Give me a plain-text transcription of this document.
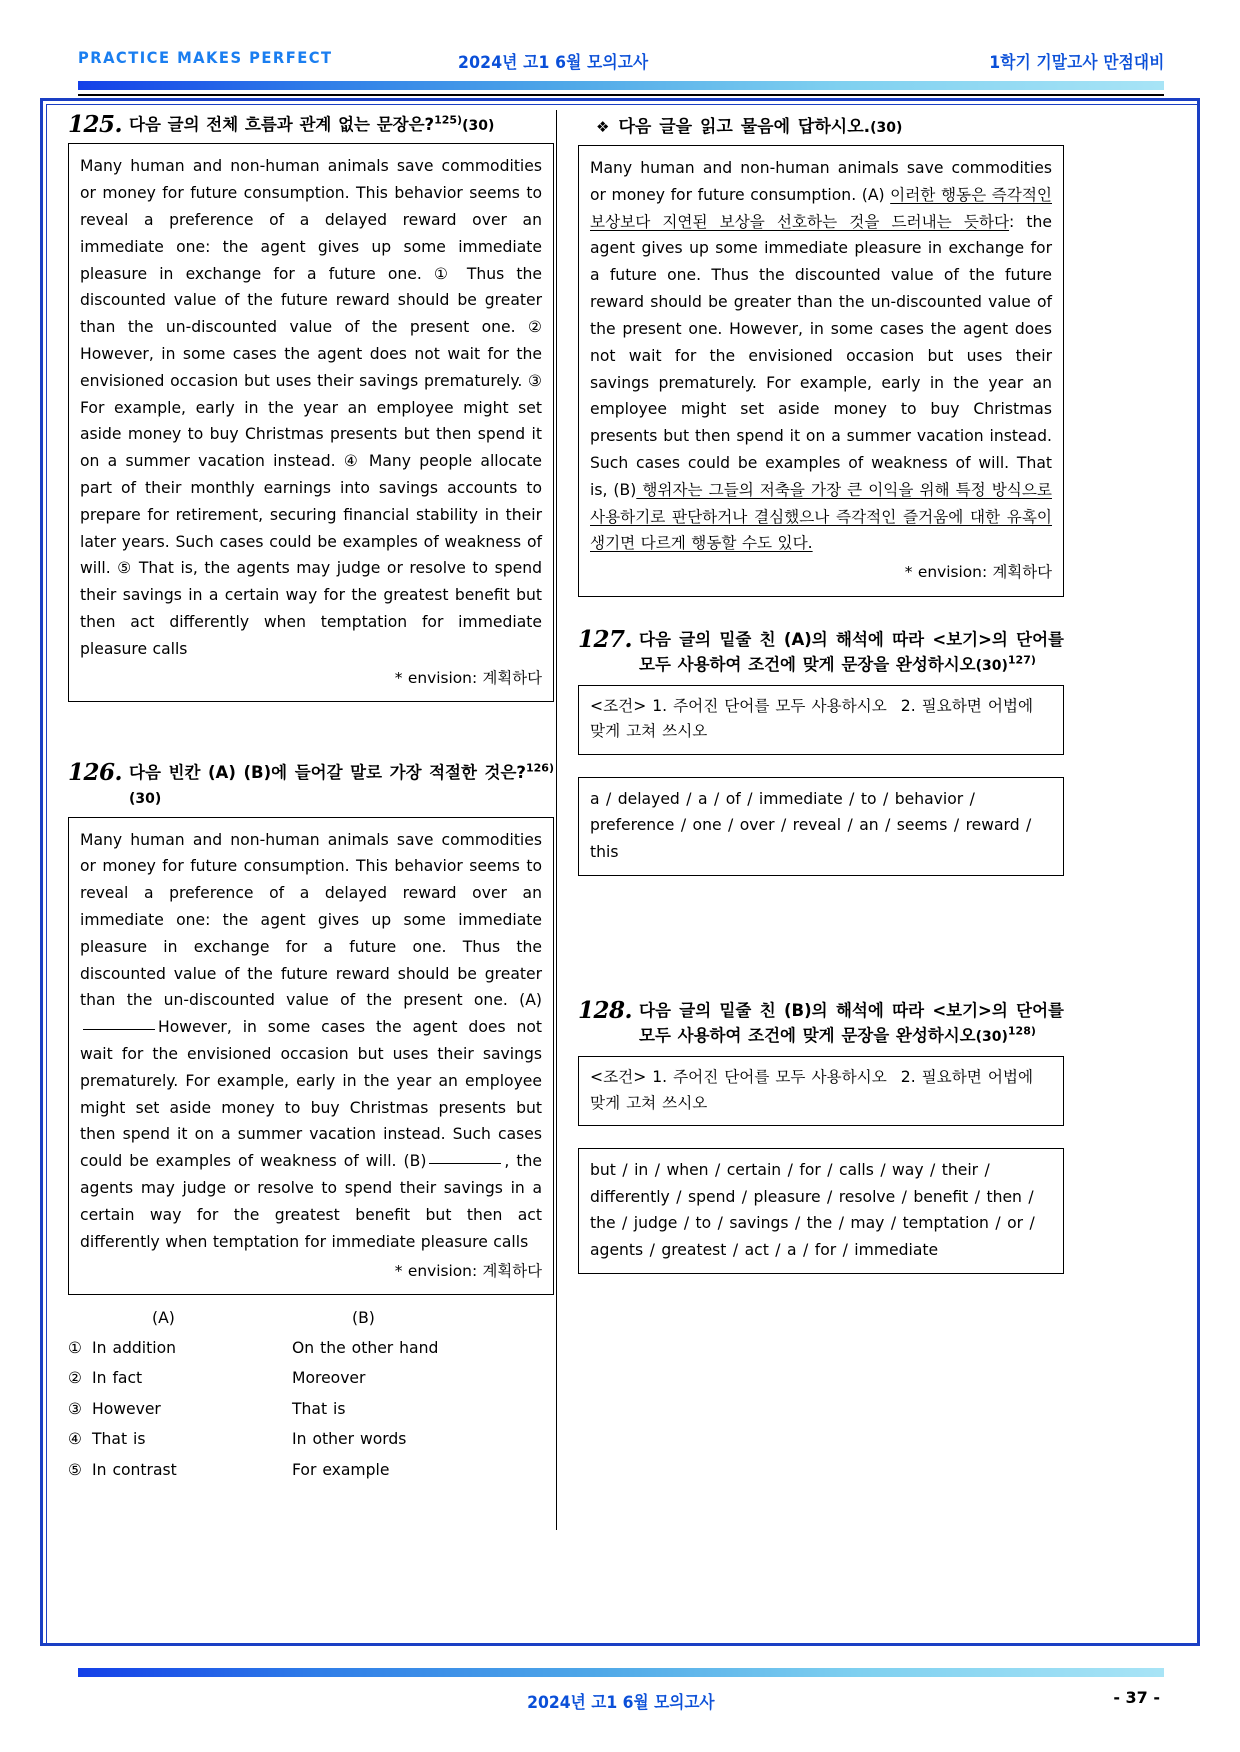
PRACTICE MAKES PERFECT	2024년 고1 6월 모의고사	1학기 기말고사 만점대비
125. 다음 글의 전체 흐름과 관계 없는 문장은?$^{125)}$(30)

Many human and non-human animals save commodities or money for future consumption. This behavior seems to reveal a preference of a delayed reward over an immediate one: the agent gives up some immediate pleasure in exchange for a future one. ① Thus the discounted value of the future reward should be greater than the un-discounted value of the present one. ② However, in some cases the agent does not wait for the envisioned occasion but uses their savings prematurely. ③ For example, early in the year an employee might set aside money to buy Christmas presents but then spend it on a summer vacation instead. ④ Many people allocate part of their monthly earnings into savings accounts to prepare for retirement, securing financial stability in their later years. Such cases could be examples of weakness of will. ⑤ That is, the agents may judge or resolve to spend their savings in a certain way for the greatest benefit but then act differently when temptation for immediate pleasure calls

* envision: 계획하다
126. 다음 빈칸 (A) (B)에 들어갈 말로 가장 적절한 것은?$^{126)}$ (30)

Many human and non-human animals save commodities or money for future consumption. This behavior seems to reveal a preference of a delayed reward over an immediate one: the agent gives up some immediate pleasure in exchange for a future one. Thus the discounted value of the future reward should be greater than the un-discounted value of the present one. (A)However, in some cases the agent does not wait for the envisioned occasion but uses their savings prematurely. For example, early in the year an employee might set aside money to buy Christmas presents but then spend it on a summer vacation instead. Such cases could be examples of weakness of will. (B)	, the agents may judge or resolve to spend their savings in a certain way for the greatest benefit but then act differently when temptation for immediate pleasure calls

* envision: 계획하다
(A)	(B)
① In addition	On the other hand
② In fact	Moreover
③ However	That is
④ That is	In other words
⑤ In contrast	For example
❖ 다음 글을 읽고 물음에 답하시오.(30)

Many human and non-human animals save commodities or money for future consumption. (A) 이러한 행동은 즉각적인 보상보다 지연된 보상을 선호하는 것을 드러내는 듯하다: the agent gives up some immediate pleasure in exchange for a future one. Thus the discounted value of the future reward should be greater than the un-discounted value of the present one. However, in some cases the agent does not wait for the envisioned occasion but uses their savings prematurely. For example, early in the year an employee might set aside money to buy Christmas presents but then spend it on a summer vacation instead. Such cases could be examples of weakness of will. That is, (B) 행위자는 그들의 저축을 가장 큰 이익을 위해 특정 방식으로 사용하기로 판단하거나 결심했으나 즉각적인 즐거움에 대한 유혹이 생기면 다르게 행동할 수도 있다.

* envision: 계획하다
127. 다음 글의 밑줄 친 (A)의 해석에 따라 <보기>의 단어를 모두 사용하여 조건에 맞게 문장을 완성하시오$(30)^{127)}$
<조건> 1. 주어진 단어를 모두 사용하시오 2. 필요하면 어법에 맞게 고쳐 쓰시오
a / delayed / a / of / immediate / to / behavior / preference / one / over / reveal / an / seems / reward / this
128. 다음 글의 밑줄 친 (B)의 해석에 따라 <보기>의 단어를 모두 사용하여 조건에 맞게 문장을 완성하시오$(30)^{128)}$
<조건> 1. 주어진 단어를 모두 사용하시오 2. 필요하면 어법에 맞게 고쳐 쓰시오
but / in / when / certain / for / calls / way / their / differently / spend / pleasure / resolve / benefit / then / the / judge / to / savings / the / may / temptation / or / agents / greatest / act / a / for / immediate
2024년 고1 6월 모의고사	- 37 -
